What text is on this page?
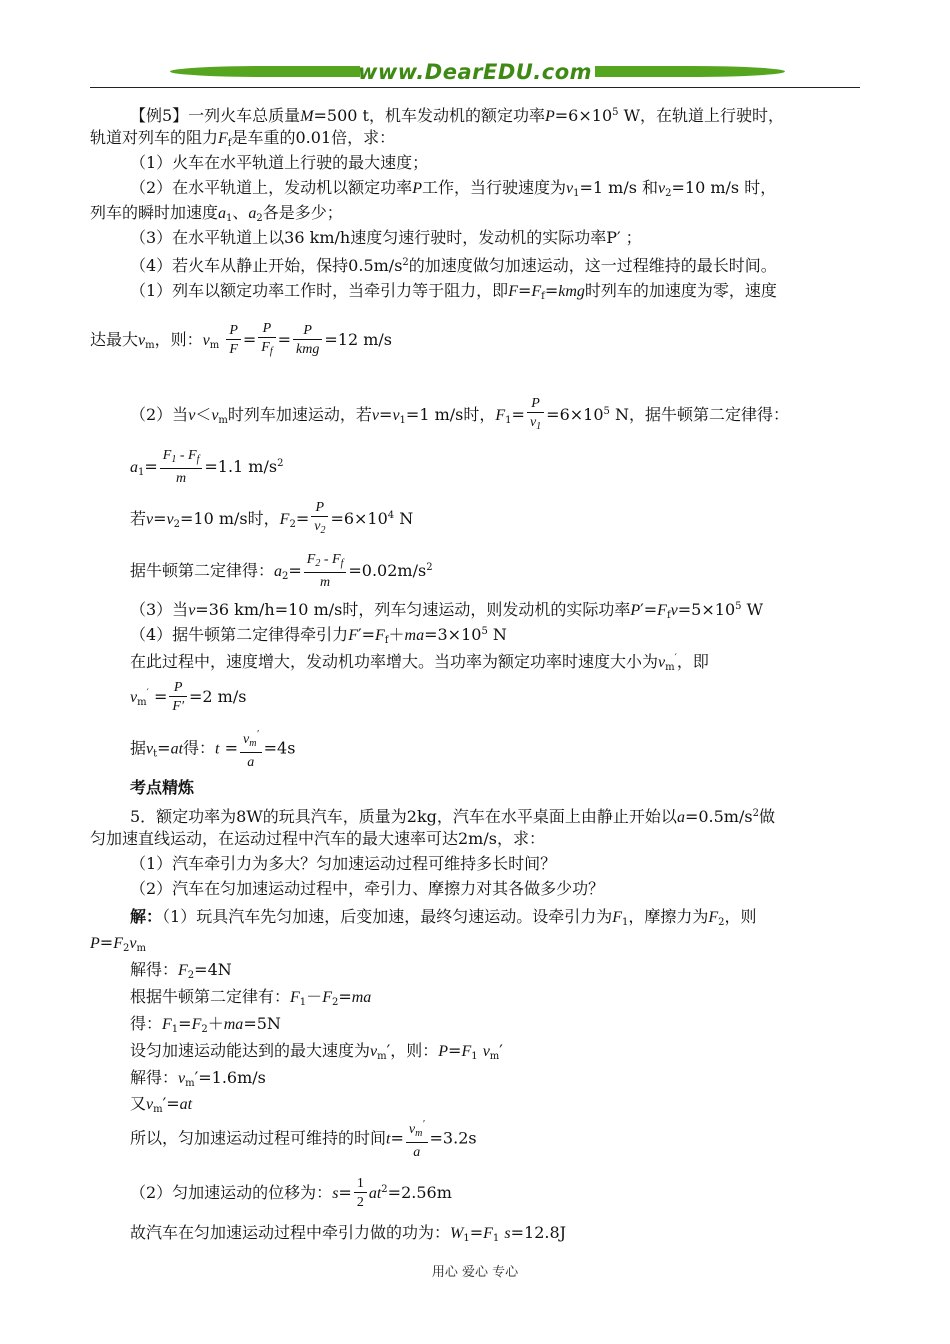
www.DearEDU.com
【例5】一列火车总质量M=500 t，机车发动机的额定功率$P=6\times 10^5$ W，在轨道上行驶时，
轨道对列车的阻力$F_f$是车重的0.01倍，求：
（1）火车在水平轨道上行驶的最大速度；
（2）在水平轨道上，发动机以额定功率P工作，当行驶速度为$v_1=1$ m/s 和$v_2=10$ m/s 时，
列车的瞬时加速度$a_1$、$a_2$各是多少；
（3）在水平轨道上以36 km/h速度匀速行驶时，发动机的实际功率P′ ；
（4）若火车从静止开始，保持$0.5m/s^2$的加速度做匀加速运动，这一过程维持的最长时间。
（1）列车以额定功率工作时，当牵引力等于阻力，即$F=F_f=kmg$时列车的加速度为零，速度
达最大$v_m$，则：$v_m \frac{P}{F} = \frac{P}{F_f} = \frac{P}{\text{kmg}} =12$ m/s
（2）当$v<v_m$时列车加速运动，若$v=v_1=1$ m/s时，$F_1= \frac{P}{v_1} =6\times 10^5$ N，据牛顿第二定律得：
$a_1= \frac{F_1 - F_f}{m} =1.1$ $m/s^2$
若$v=v_2=10$ m/s时，$F_2= \frac{P}{v_2} =6\times 10^4$ N
据牛顿第二定律得：$a_2= \frac{F_2 - F_f}{m} =0.02m/s^2$
（3）当v=36 km/h=10 m/s时，列车匀速运动，则发动机的实际功率$P'=F_fv=5\times 10^5$ W
（4）据牛顿第二定律得牵引力$F'=F_f+ma=3\times 10^5$ N
在此过程中，速度增大，发动机功率增大。当功率为额定功率时速度大小为$v_m'$，即
$v_m' = \frac{P}{F'} =2$ m/s
据$v_t=at$得：$t = \frac{v_m'}{a} =4s$
考点精炼
5．额定功率为8W的玩具汽车，质量为2kg，汽车在水平桌面上由静止开始以$a=0.5m/s^2$做
匀加速直线运动，在运动过程中汽车的最大速率可达2m/s，求：
（1）汽车牵引力为多大？匀加速运动过程可维持多长时间？
（2）汽车在匀加速运动过程中，牵引力、摩擦力对其各做多少功？
解：（1）玩具汽车先匀加速，后变加速，最终匀速运动。设牵引力为$F_1$，摩擦力为$F_2$，则
$P=F_2v_m$
解得：$F_2=4N$
根据牛顿第二定律有：$F_1-F_2=ma$
得：$F_1=F_2+ma=5N$
设匀加速运动能达到的最大速度为$v_m'$，则：$P=F_1$ $v_m'$
解得：$v_m'=1.6m/s$
又$v_m'=at$
所以，匀加速运动过程可维持的时间$t= \frac{v_m'}{a} =3.2s$
（2）匀加速运动的位移为：$s= \frac{1}{2} at^2=2.56m$
故汽车在匀加速运动过程中牵引力做的功为：$W_1=F_1$ s=12.8J
用心 爱心 专心
